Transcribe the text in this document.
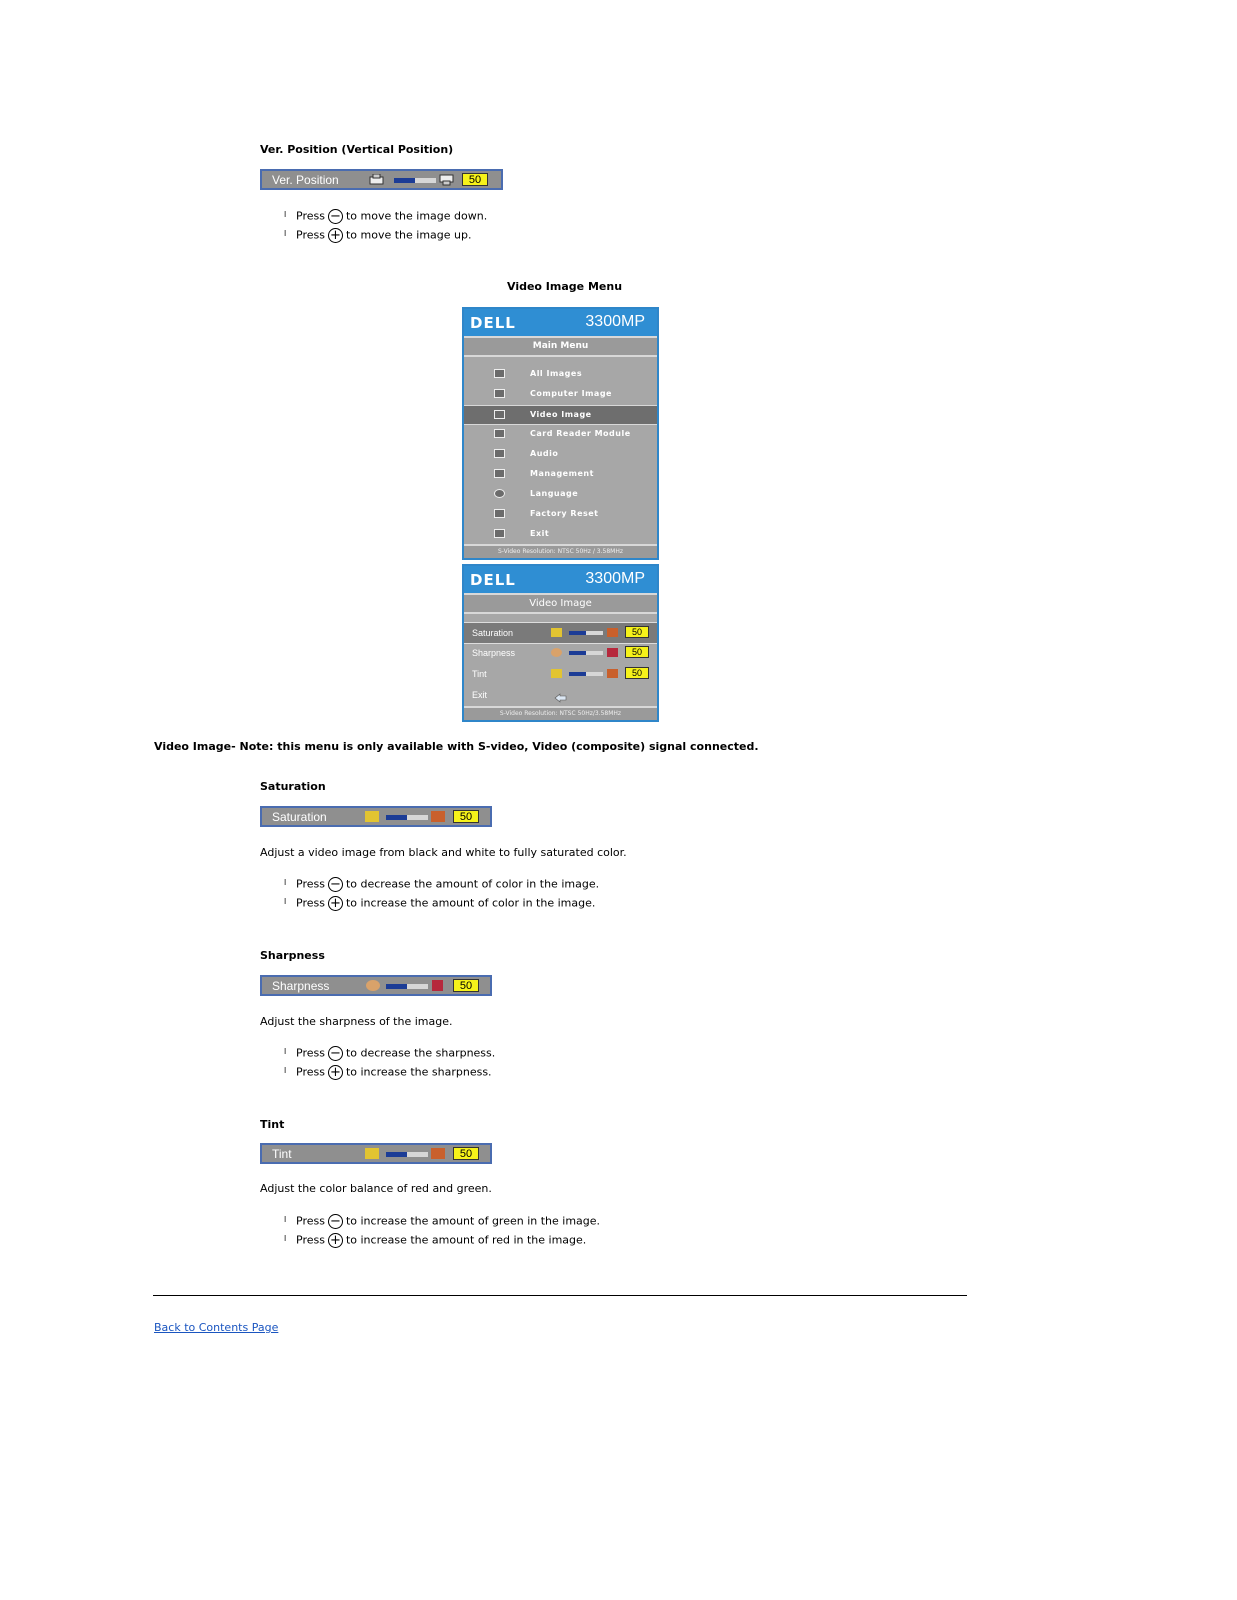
Ver. Position (Vertical Position)
Ver. Position	50
l Press − to move the image down.
l Press + to move the image up.
Video Image Menu
DELL	3300MP
Main Menu
All Images
Computer Image
Video Image
Card Reader Module
Audio
Management
Language
Factory Reset
Exit
S-Video Resolution: NTSC 50Hz / 3.58MHz
DELL	3300MP
Video Image
Saturation	50
Sharpness	50
Tint	50
Exit
S-Video Resolution: NTSC 50Hz/3.58MHz
Video Image- Note: this menu is only available with S-video, Video (composite) signal connected.
Saturation
Saturation	50
Adjust a video image from black and white to fully saturated color.
l Press − to decrease the amount of color in the image.
l Press + to increase the amount of color in the image.
Sharpness
Sharpness	50
Adjust the sharpness of the image.
l Press − to decrease the sharpness.
l Press + to increase the sharpness.
Tint
Tint	50
Adjust the color balance of red and green.
l Press − to increase the amount of green in the image.
l Press + to increase the amount of red in the image.
Back to Contents Page
